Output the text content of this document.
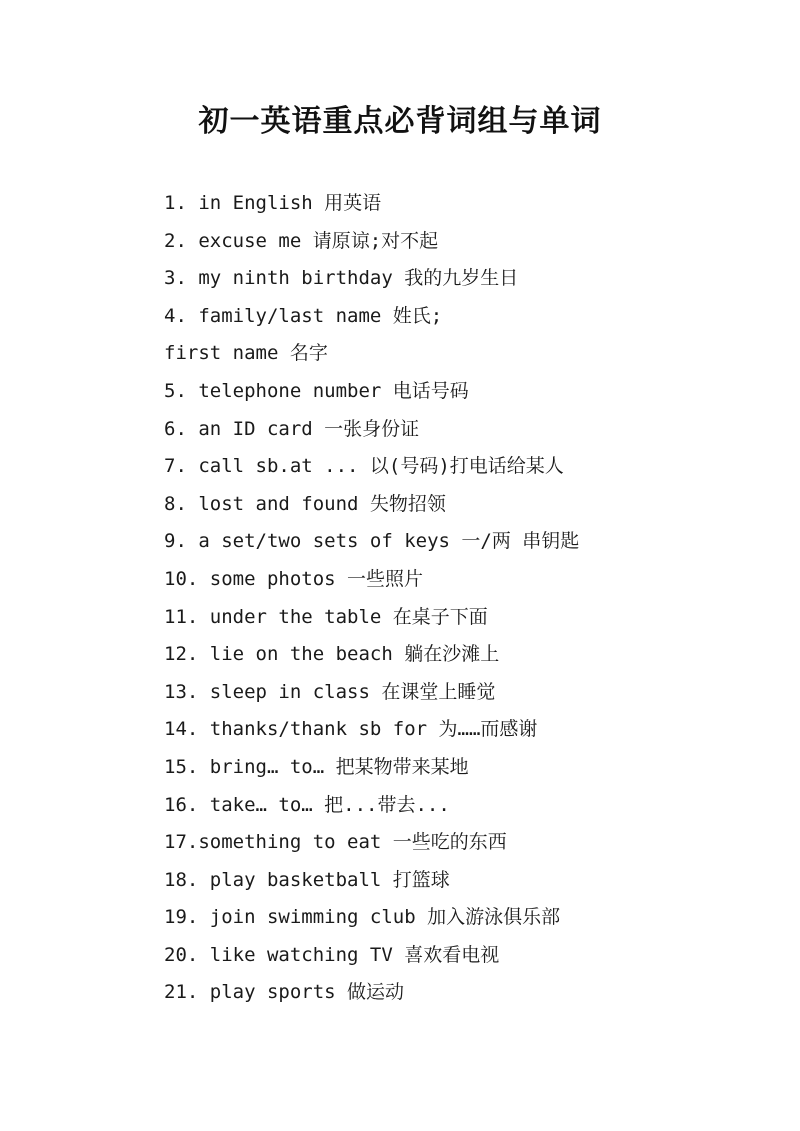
初一英语重点必背词组与单词
1. in English 用英语
2. excuse me 请原谅;对不起
3. my ninth birthday 我的九岁生日
4. family/last name 姓氏;
first name 名字
5. telephone number 电话号码
6. an ID card 一张身份证
7. call sb.at ... 以(号码)打电话给某人
8. lost and found 失物招领
9. a set/two sets of keys 一/两 串钥匙
10. some photos 一些照片
11. under the table 在桌子下面
12. lie on the beach 躺在沙滩上
13. sleep in class 在课堂上睡觉
14. thanks/thank sb for 为……而感谢
15. bring… to… 把某物带来某地
16. take… to… 把...带去...
17.something to eat 一些吃的东西
18. play basketball 打篮球
19. join swimming club 加入游泳俱乐部
20. like watching TV 喜欢看电视
21. play sports 做运动
